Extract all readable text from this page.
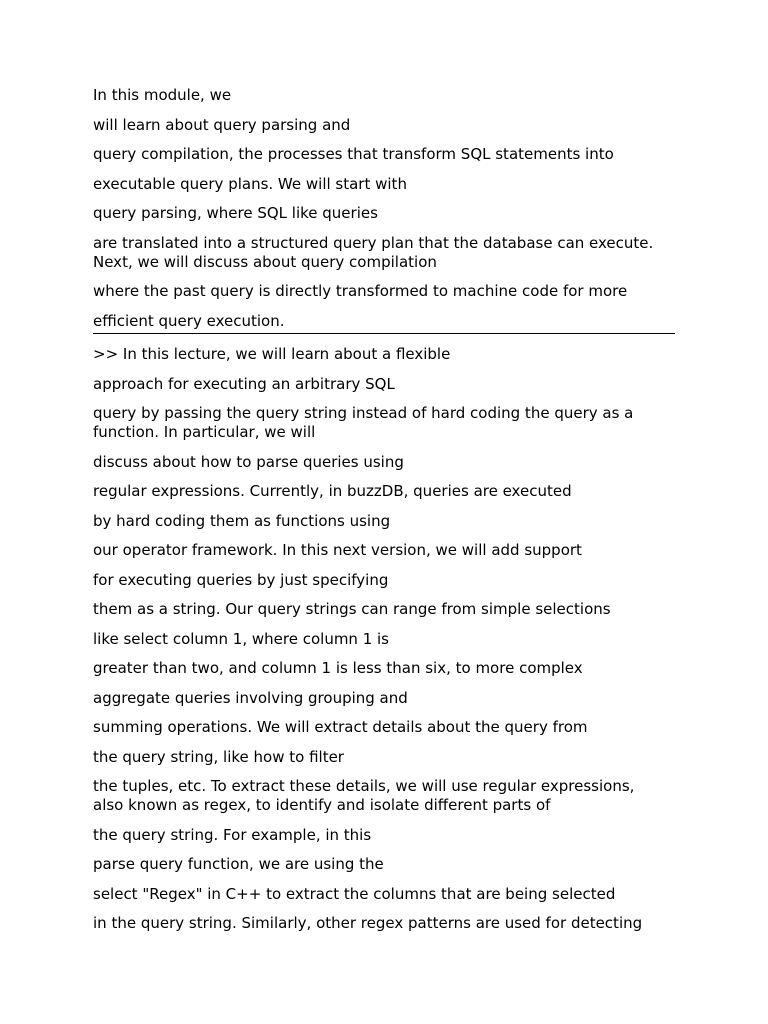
In this module, we

will learn about query parsing and

query compilation, the processes that transform SQL statements into

executable query plans. We will start with

query parsing, where SQL like queries

are translated into a structured query plan that the database can execute.
Next, we will discuss about query compilation

where the past query is directly transformed to machine code for more

efficient query execution.

>> In this lecture, we will learn about a flexible

approach for executing an arbitrary SQL

query by passing the query string instead of hard coding the query as a
function. In particular, we will

discuss about how to parse queries using

regular expressions. Currently, in buzzDB, queries are executed

by hard coding them as functions using

our operator framework. In this next version, we will add support

for executing queries by just specifying

them as a string. Our query strings can range from simple selections

like select column 1, where column 1 is

greater than two, and column 1 is less than six, to more complex

aggregate queries involving grouping and

summing operations. We will extract details about the query from

the query string, like how to filter

the tuples, etc. To extract these details, we will use regular expressions,
also known as regex, to identify and isolate different parts of

the query string. For example, in this

parse query function, we are using the

select "Regex" in C++ to extract the columns that are being selected

in the query string. Similarly, other regex patterns are used for detecting
